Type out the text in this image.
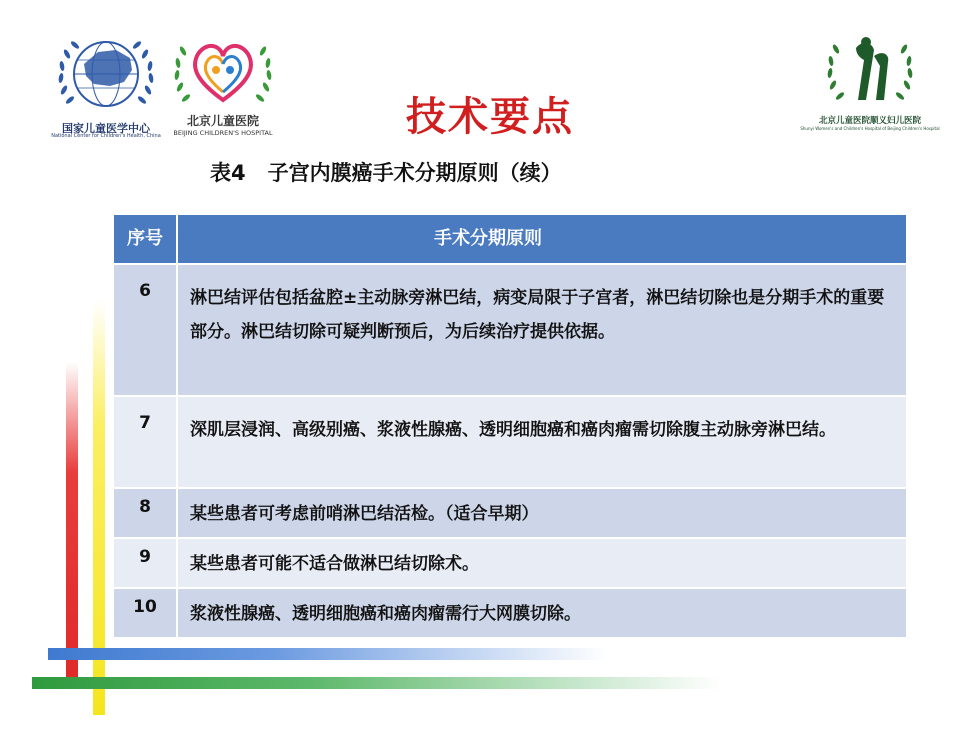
国家儿童医学中心
National Center for Children's Health, China
北京儿童医院
BEIJING CHILDREN'S HOSPITAL
北京儿童医院顺义妇儿医院
Shunyi Women's and Children's Hospital of Beijing Children's Hospital
技术要点
表4 子宫内膜癌手术分期原则（续）
序号	手术分期原则
6	淋巴结评估包括盆腔±主动脉旁淋巴结，病变局限于子宫者，淋巴结切除也是分期手术的重要部分。淋巴结切除可疑判断预后，为后续治疗提供依据。
7	深肌层浸润、高级别癌、浆液性腺癌、透明细胞癌和癌肉瘤需切除腹主动脉旁淋巴结。
8	某些患者可考虑前哨淋巴结活检。（适合早期）
9	某些患者可能不适合做淋巴结切除术。
10	浆液性腺癌、透明细胞癌和癌肉瘤需行大网膜切除。
